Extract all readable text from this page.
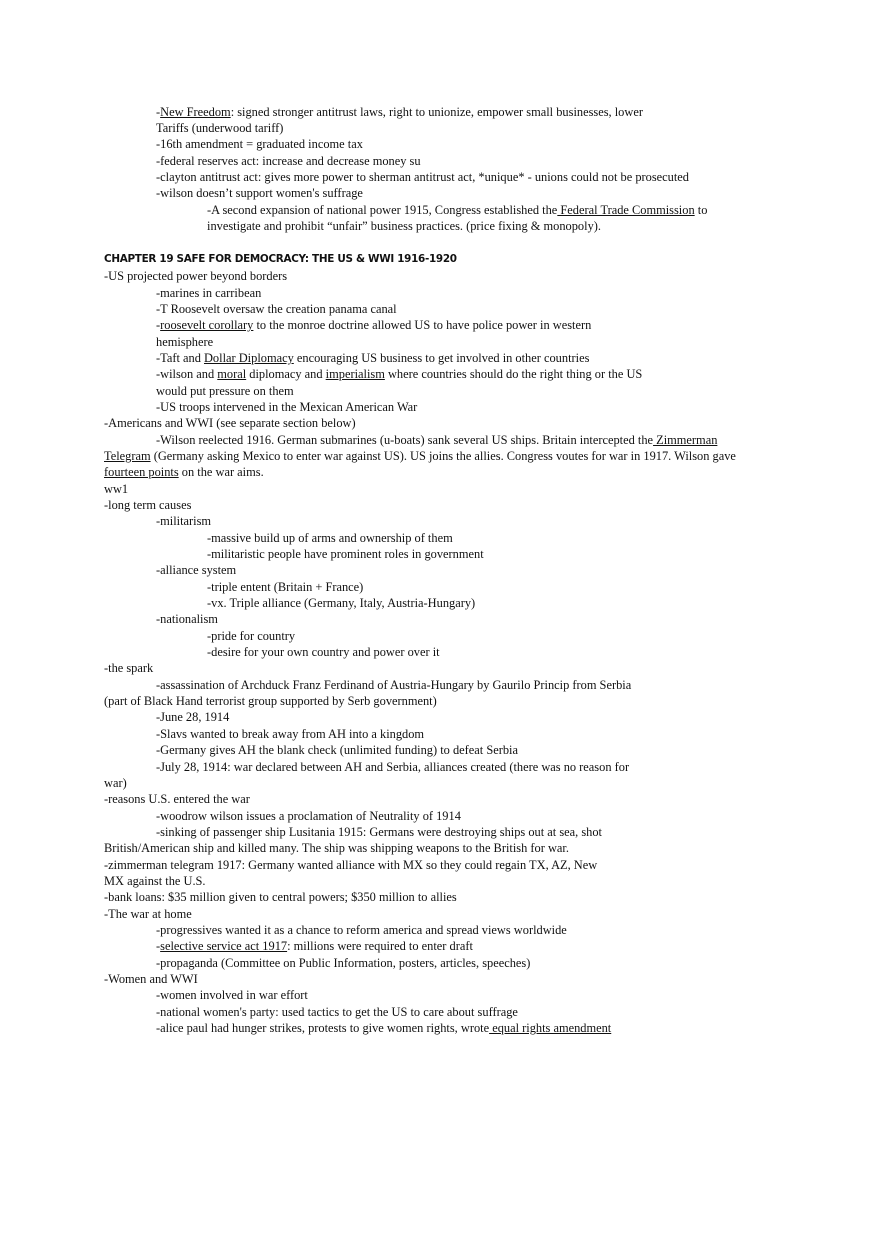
-New Freedom: signed stronger antitrust laws, right to unionize, empower small businesses, lower
Tariffs (underwood tariff)
-16th amendment = graduated income tax
-federal reserves act: increase and decrease money su
-clayton antitrust act: gives more power to sherman antitrust act, *unique* - unions could not be prosecuted
-wilson doesn’t support women's suffrage
-A second expansion of national power 1915, Congress established the Federal Trade Commission to
investigate and prohibit “unfair” business practices. (price fixing & monopoly).
CHAPTER 19 SAFE FOR DEMOCRACY: THE US & WWI 1916-1920
-US projected power beyond borders
-marines in carribean
-T Roosevelt oversaw the creation panama canal
-roosevelt corollary to the monroe doctrine allowed US to have police power in western
hemisphere
-Taft and Dollar Diplomacy encouraging US business to get involved in other countries
-wilson and moral diplomacy and imperialism where countries should do the right thing or the US
would put pressure on them
-US troops intervened in the Mexican American War
-Americans and WWI (see separate section below)
-Wilson reelected 1916. German submarines (u-boats) sank several US ships. Britain intercepted the Zimmerman
Telegram (Germany asking Mexico to enter war against US). US joins the allies. Congress voutes for war in 1917. Wilson gave
fourteen points on the war aims.
ww1
-long term causes
-militarism
-massive build up of arms and ownership of them
-militaristic people have prominent roles in government
-alliance system
-triple entent (Britain + France)
-vx. Triple alliance (Germany, Italy, Austria-Hungary)
-nationalism
-pride for country
-desire for your own country and power over it
-the spark
-assassination of Archduck Franz Ferdinand of Austria-Hungary by Gaurilo Princip from Serbia
(part of Black Hand terrorist group supported by Serb government)
-June 28, 1914
-Slavs wanted to break away from AH into a kingdom
-Germany gives AH the blank check (unlimited funding) to defeat Serbia
-July 28, 1914: war declared between AH and Serbia, alliances created (there was no reason for
war)
-reasons U.S. entered the war
-woodrow wilson issues a proclamation of Neutrality of 1914
-sinking of passenger ship Lusitania 1915: Germans were destroying ships out at sea, shot
British/American ship and killed many. The ship was shipping weapons to the British for war.
-zimmerman telegram 1917: Germany wanted alliance with MX so they could regain TX, AZ, New
MX against the U.S.
-bank loans: $35 million given to central powers; $350 million to allies
-The war at home
-progressives wanted it as a chance to reform america and spread views worldwide
-selective service act 1917: millions were required to enter draft
-propaganda (Committee on Public Information, posters, articles, speeches)
-Women and WWI
-women involved in war effort
-national women's party: used tactics to get the US to care about suffrage
-alice paul had hunger strikes, protests to give women rights, wrote equal rights amendment
